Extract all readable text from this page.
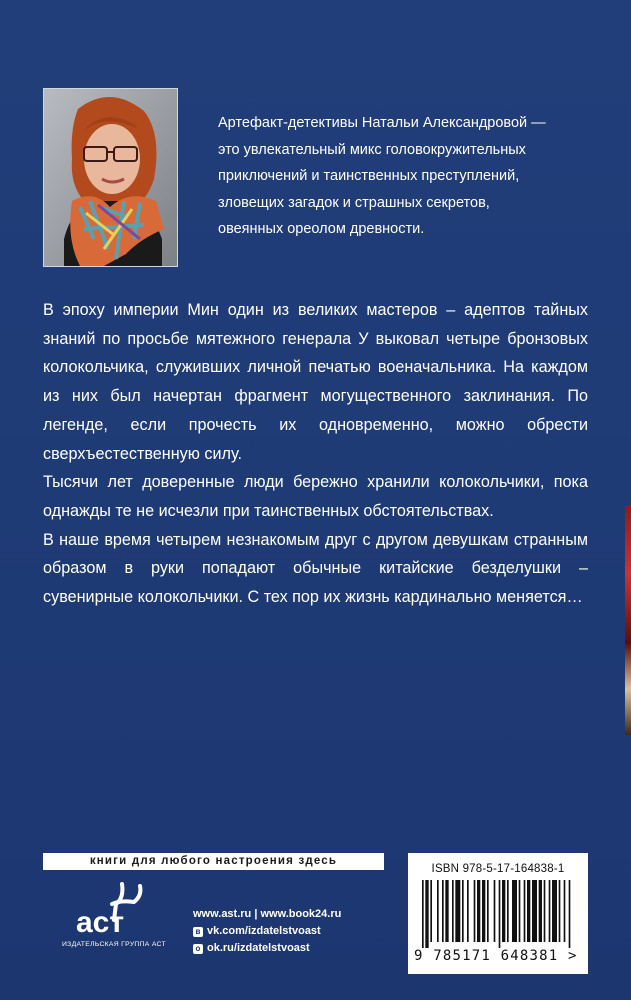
Артефакт-детективы Натальи Александровой —

это увлекательный микс головокружительных

приключений и таинственных преступлений,

зловещих загадок и страшных секретов,

овеянных ореолом древности.

В эпоху империи Мин один из великих мастеров – адептов тайных знаний по просьбе мятежного генерала У выковал четыре бронзовых колокольчика, служивших личной печатью военачальника. На каждом из них был начертан фрагмент могущественного заклинания. По легенде, если прочесть их одновременно, можно обрести сверхъестественную силу.

Тысячи лет доверенные люди бережно хранили колокольчики, пока однажды те не исчезли при таинственных обстоятельствах.

В наше время четырем незнакомым друг с другом девушкам странным образом в руки попадают обычные китайские безделушки – сувенирные колокольчики. С тех пор их жизнь кардинально меняется…

книги для любого настроения здесь
аст
ИЗДАТЕЛЬСКАЯ ГРУППА АСТ
www.ast.ru | www.book24.ru
в vk.com/izdatelstvoast
о ok.ru/izdatelstvoast
ISBN 978-5-17-164838-1
9 785171 648381 >
